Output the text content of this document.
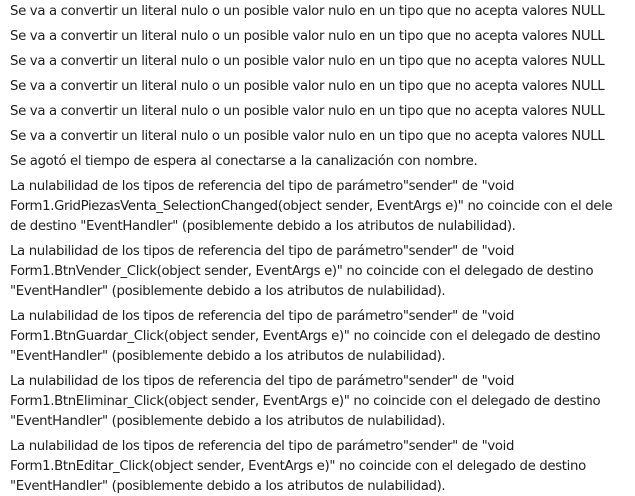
Se va a convertir un literal nulo o un posible valor nulo en un tipo que no acepta valores NULL
Se va a convertir un literal nulo o un posible valor nulo en un tipo que no acepta valores NULL
Se va a convertir un literal nulo o un posible valor nulo en un tipo que no acepta valores NULL
Se va a convertir un literal nulo o un posible valor nulo en un tipo que no acepta valores NULL
Se va a convertir un literal nulo o un posible valor nulo en un tipo que no acepta valores NULL
Se va a convertir un literal nulo o un posible valor nulo en un tipo que no acepta valores NULL
Se agotó el tiempo de espera al conectarse a la canalización con nombre.
La nulabilidad de los tipos de referencia del tipo de parámetro"sender" de "void
Form1.GridPiezasVenta_SelectionChanged(object sender, EventArgs e)" no coincide con el dele
de destino "EventHandler" (posiblemente debido a los atributos de nulabilidad).
La nulabilidad de los tipos de referencia del tipo de parámetro"sender" de "void
Form1.BtnVender_Click(object sender, EventArgs e)" no coincide con el delegado de destino
"EventHandler" (posiblemente debido a los atributos de nulabilidad).
La nulabilidad de los tipos de referencia del tipo de parámetro"sender" de "void
Form1.BtnGuardar_Click(object sender, EventArgs e)" no coincide con el delegado de destino
"EventHandler" (posiblemente debido a los atributos de nulabilidad).
La nulabilidad de los tipos de referencia del tipo de parámetro"sender" de "void
Form1.BtnEliminar_Click(object sender, EventArgs e)" no coincide con el delegado de destino
"EventHandler" (posiblemente debido a los atributos de nulabilidad).
La nulabilidad de los tipos de referencia del tipo de parámetro"sender" de "void
Form1.BtnEditar_Click(object sender, EventArgs e)" no coincide con el delegado de destino
"EventHandler" (posiblemente debido a los atributos de nulabilidad).
